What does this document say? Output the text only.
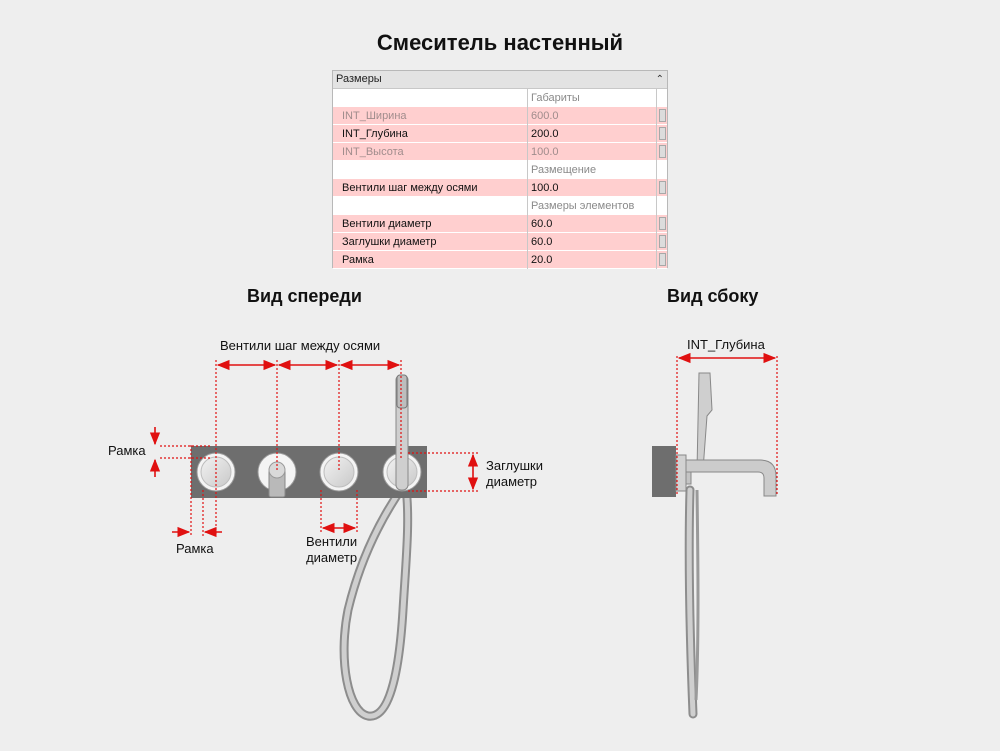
Смеситель настенный
Размеры	⌃
Габариты
INT_Ширина	600.0
INT_Глубина	200.0
INT_Высота	100.0
Размещение
Вентили шаг между осями	100.0
Размеры элементов
Вентили диаметр	60.0
Заглушки диаметр	60.0
Рамка	20.0
Вид спереди	Вид сбоку
Вентили шаг между осями
Рамка
Рамка	Вентили
диаметр
Заглушки
диаметр
INT_Глубина
